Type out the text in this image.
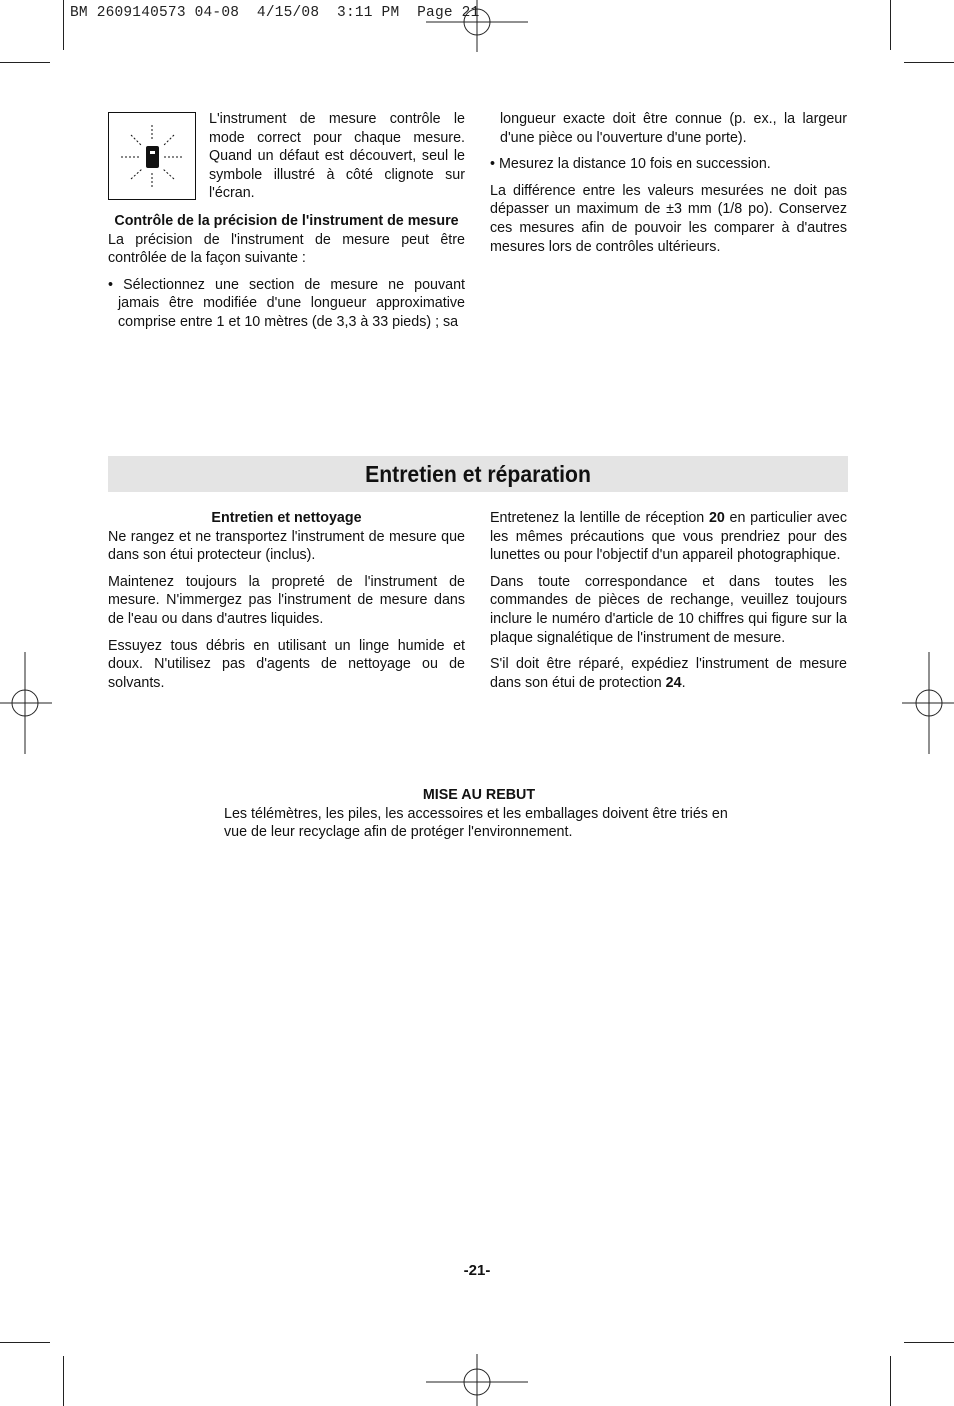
BM 2609140573 04-08  4/15/08  3:11 PM  Page 21

L'instrument de mesure contrôle le mode correct pour chaque mesure. Quand un défaut est découvert, seul le symbole illustré à côté clignote sur l'écran.

Contrôle de la précision de l'instrument de mesure

La précision de l'instrument de mesure peut être contrôlée de la façon suivante :

• Sélectionnez une section de mesure ne pouvant jamais être modifiée d'une longueur approximative comprise entre 1 et 10 mètres (de 3,3 à 33 pieds) ; sa

longueur exacte doit être connue (p. ex., la largeur d'une pièce ou l'ouverture d'une porte).

• Mesurez la distance 10 fois en succession.

La différence entre les valeurs mesurées ne doit pas dépasser un maximum de ±3 mm (1/8 po). Conservez ces mesures afin de pouvoir les comparer à d'autres mesures lors de contrôles ultérieurs.

Entretien et réparation

Entretien et nettoyage

Ne rangez et ne transportez l'instrument de mesure que dans son étui protecteur (inclus).

Maintenez toujours la propreté de l'instrument de mesure. N'immergez pas l'instrument de mesure dans de l'eau ou dans d'autres liquides.

Essuyez tous débris en utilisant un linge humide et doux. N'utilisez pas d'agents de nettoyage ou de solvants.

Entretenez la lentille de réception 20 en particulier avec les mêmes précautions que vous prendriez pour des lunettes ou pour l'objectif d'un appareil photographique.

Dans toute correspondance et dans toutes les commandes de pièces de rechange, veuillez toujours inclure le numéro d'article de 10 chiffres qui figure sur la plaque signalétique de l'instrument de mesure.

S'il doit être réparé, expédiez l'instrument de mesure dans son étui de protection 24.

MISE AU REBUT

Les télémètres, les piles, les accessoires et les emballages doivent être triés en vue de leur recyclage afin de protéger l'environnement.

-21-
